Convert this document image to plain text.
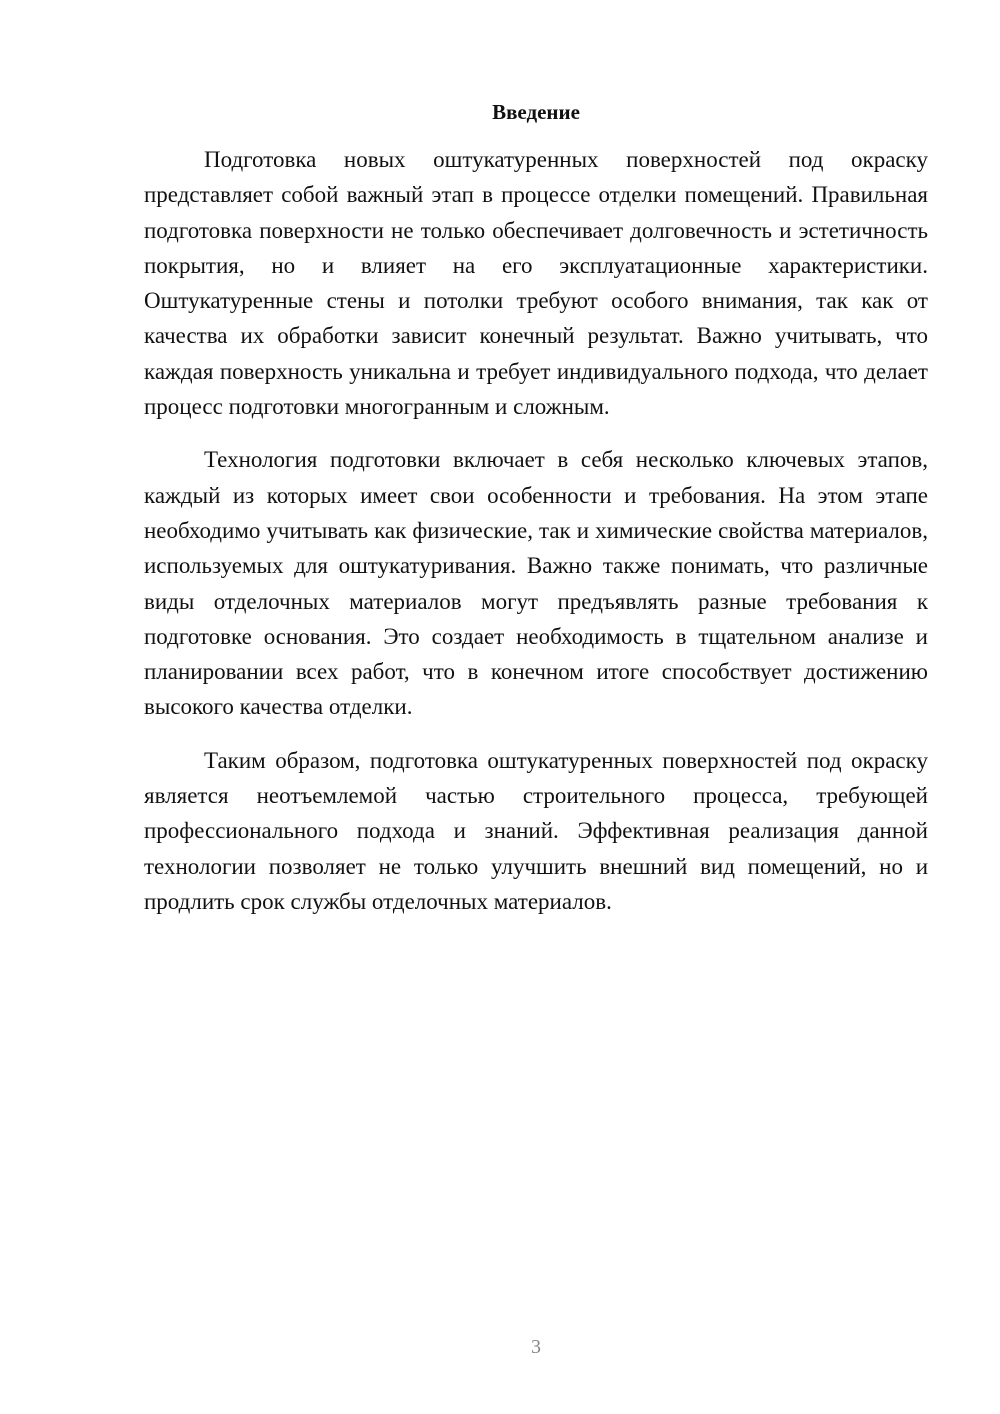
Введение

Подготовка новых оштукатуренных поверхностей под окраску представляет собой важный этап в процессе отделки помещений. Правильная подготовка поверхности не только обеспечивает долговечность и эстетичность покрытия, но и влияет на его эксплуатационные характеристики. Оштукатуренные стены и потолки требуют особого внимания, так как от качества их обработки зависит конечный результат. Важно учитывать, что каждая поверхность уникальна и требует индивидуального подхода, что делает процесс подготовки многогранным и сложным.

Технология подготовки включает в себя несколько ключевых этапов, каждый из которых имеет свои особенности и требования. На этом этапе необходимо учитывать как физические, так и химические свойства материалов, используемых для оштукатуривания. Важно также понимать, что различные виды отделочных материалов могут предъявлять разные требования к подготовке основания. Это создает необходимость в тщательном анализе и планировании всех работ, что в конечном итоге способствует достижению высокого качества отделки.

Таким образом, подготовка оштукатуренных поверхностей под окраску является неотъемлемой частью строительного процесса, требующей профессионального подхода и знаний. Эффективная реализация данной технологии позволяет не только улучшить внешний вид помещений, но и продлить срок службы отделочных материалов.

3
